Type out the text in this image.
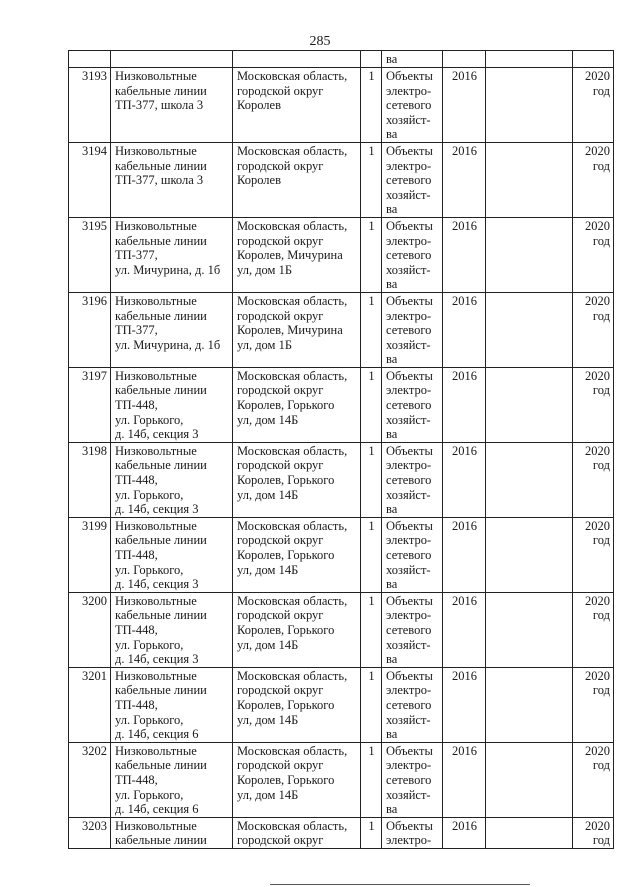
285
				ва			
3193	Низковольтные
кабельные линии
ТП-377, школа 3	Московская область,
городской округ
Королев	1	Объекты
электро-
сетевого
хозяйст-
ва	2016		2020
год
3194	Низковольтные
кабельные линии
ТП-377, школа 3	Московская область,
городской округ
Королев	1	Объекты
электро-
сетевого
хозяйст-
ва	2016		2020
год
3195	Низковольтные
кабельные линии
ТП-377,
ул. Мичурина, д. 1б	Московская область,
городской округ
Королев, Мичурина
ул, дом 1Б	1	Объекты
электро-
сетевого
хозяйст-
ва	2016		2020
год
3196	Низковольтные
кабельные линии
ТП-377,
ул. Мичурина, д. 1б	Московская область,
городской округ
Королев, Мичурина
ул, дом 1Б	1	Объекты
электро-
сетевого
хозяйст-
ва	2016		2020
год
3197	Низковольтные
кабельные линии
ТП-448,
ул. Горького,
д. 14б, секция 3	Московская область,
городской округ
Королев, Горького
ул, дом 14Б	1	Объекты
электро-
сетевого
хозяйст-
ва	2016		2020
год
3198	Низковольтные
кабельные линии
ТП-448,
ул. Горького,
д. 14б, секция 3	Московская область,
городской округ
Королев, Горького
ул, дом 14Б	1	Объекты
электро-
сетевого
хозяйст-
ва	2016		2020
год
3199	Низковольтные
кабельные линии
ТП-448,
ул. Горького,
д. 14б, секция 3	Московская область,
городской округ
Королев, Горького
ул, дом 14Б	1	Объекты
электро-
сетевого
хозяйст-
ва	2016		2020
год
3200	Низковольтные
кабельные линии
ТП-448,
ул. Горького,
д. 14б, секция 3	Московская область,
городской округ
Королев, Горького
ул, дом 14Б	1	Объекты
электро-
сетевого
хозяйст-
ва	2016		2020
год
3201	Низковольтные
кабельные линии
ТП-448,
ул. Горького,
д. 14б, секция 6	Московская область,
городской округ
Королев, Горького
ул, дом 14Б	1	Объекты
электро-
сетевого
хозяйст-
ва	2016		2020
год
3202	Низковольтные
кабельные линии
ТП-448,
ул. Горького,
д. 14б, секция 6	Московская область,
городской округ
Королев, Горького
ул, дом 14Б	1	Объекты
электро-
сетевого
хозяйст-
ва	2016		2020
год
3203	Низковольтные
кабельные линии	Московская область,
городской округ	1	Объекты
электро-	2016		2020
год
